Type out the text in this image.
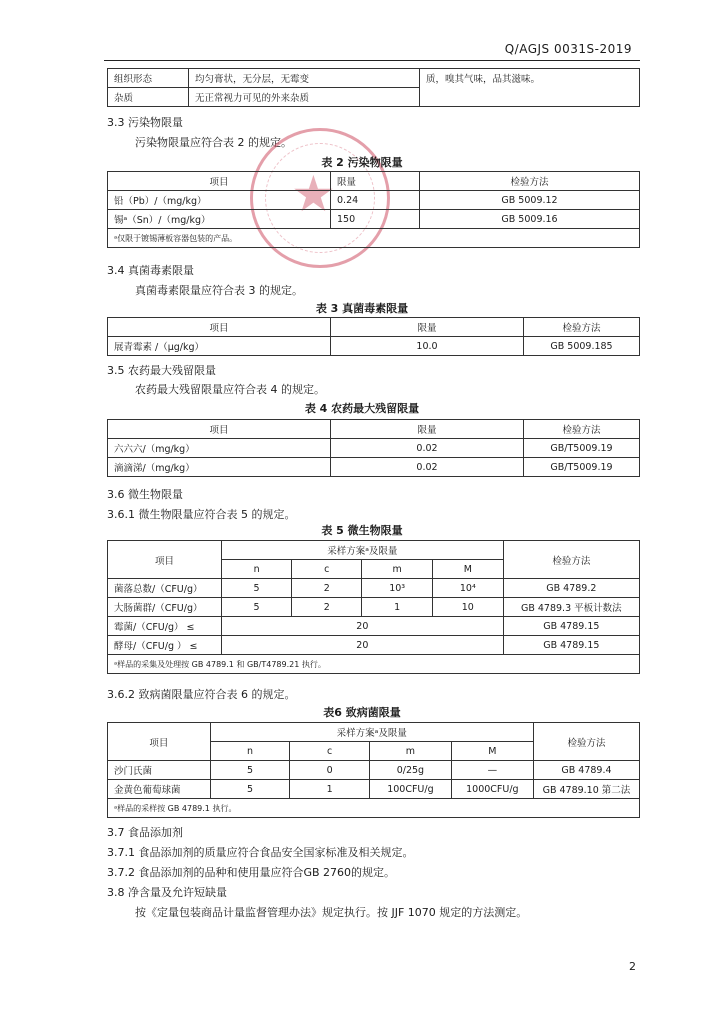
Q/AGJS 0031S-2019
组织形态	均匀膏状，无分层，无霉变	质，嗅其气味，品其滋味。
杂质	无正常视力可见的外来杂质	
3.3 污染物限量
污染物限量应符合表 2 的规定。
★
表 2 污染物限量
项目	限量	检验方法
铅（Pb）/（mg/kg）	0.24	GB 5009.12
锡ᵃ（Sn）/（mg/kg）	150	GB 5009.16
ᵃ仅限于镀锡薄板容器包装的产品。		
3.4 真菌毒素限量
真菌毒素限量应符合表 3 的规定。
表 3 真菌毒素限量
项目	限量	检验方法
展青霉素 /（μg/kg）	10.0	GB 5009.185
3.5 农药最大残留限量
农药最大残留限量应符合表 4 的规定。
表 4 农药最大残留限量
项目	限量	检验方法
六六六/（mg/kg）	0.02	GB/T5009.19
滴滴涕/（mg/kg）	0.02	GB/T5009.19
3.6 微生物限量
3.6.1 微生物限量应符合表 5 的规定。
表 5 微生物限量
项目	采样方案ᵃ及限量				检验方法
	n	c	m	M	
菌落总数/（CFU/g）	5	2	10³	10⁴	GB 4789.2
大肠菌群/（CFU/g）	5	2	1	10	GB 4789.3 平板计数法
霉菌/（CFU/g） ≤	20				GB 4789.15
酵母/（CFU/g ） ≤	20				GB 4789.15
ᵃ样品的采集及处理按 GB 4789.1 和 GB/T4789.21 执行。					
3.6.2 致病菌限量应符合表 6 的规定。
表6 致病菌限量
项目	采样方案ᵃ及限量				检验方法
	n	c	m	M	
沙门氏菌	5	0	0/25g	—	GB 4789.4
金黄色葡萄球菌	5	1	100CFU/g	1000CFU/g	GB 4789.10 第二法
ᵃ样品的采样按 GB 4789.1 执行。					
3.7 食品添加剂
3.7.1 食品添加剂的质量应符合食品安全国家标准及相关规定。
3.7.2 食品添加剂的品种和使用量应符合GB 2760的规定。
3.8 净含量及允许短缺量
按《定量包装商品计量监督管理办法》规定执行。按 JJF 1070 规定的方法测定。
2
